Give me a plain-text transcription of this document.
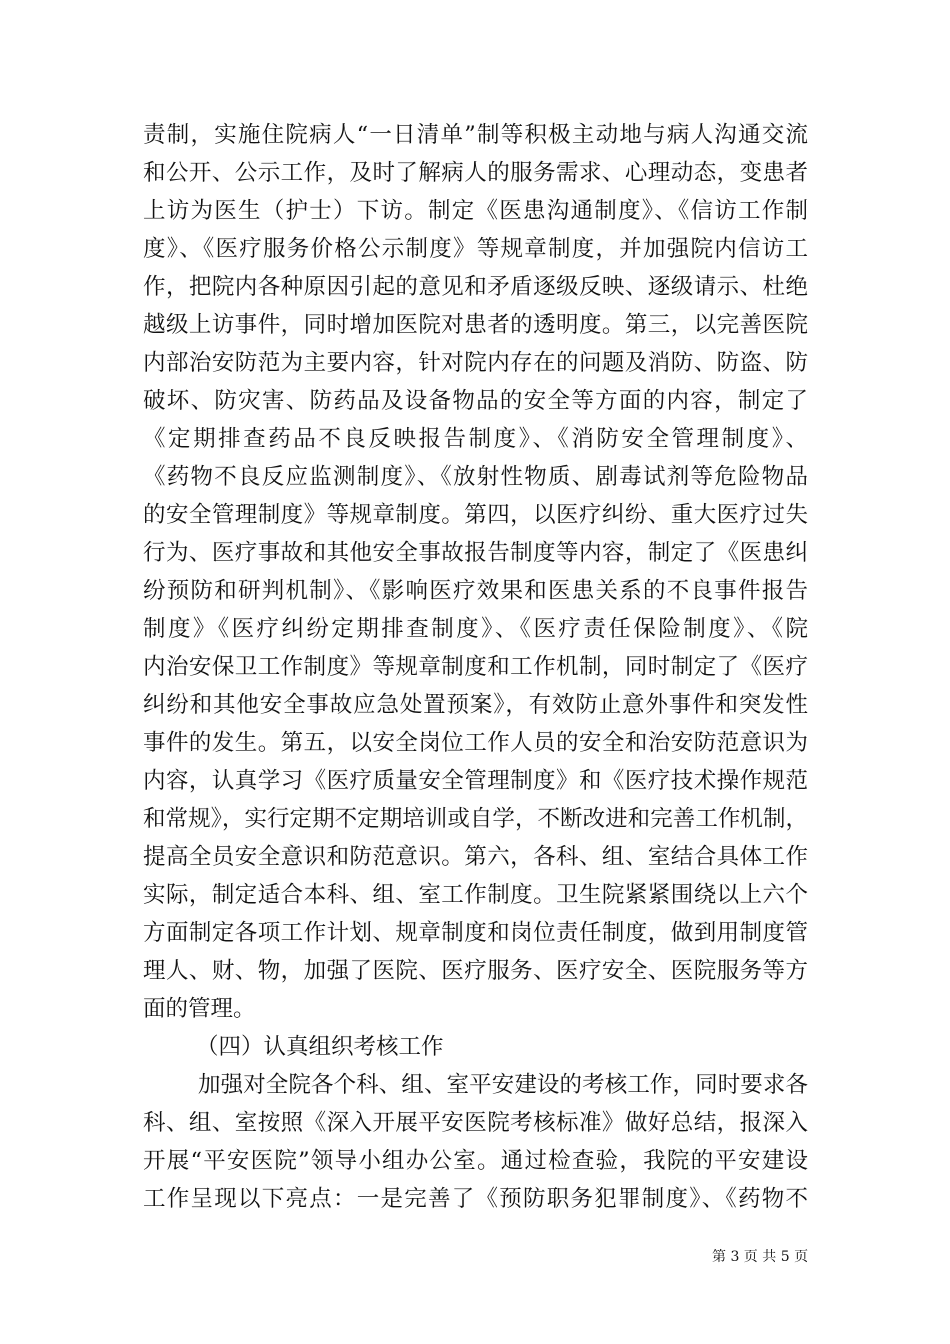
责制，实施住院病人“一日清单”制等积极主动地与病人沟通交流
和公开、公示工作，及时了解病人的服务需求、心理动态，变患者
上访为医生（护士）下访。制定《医患沟通制度》、《信访工作制
度》、《医疗服务价格公示制度》等规章制度，并加强院内信访工
作，把院内各种原因引起的意见和矛盾逐级反映、逐级请示、杜绝
越级上访事件，同时增加医院对患者的透明度。第三，以完善医院
内部治安防范为主要内容，针对院内存在的问题及消防、防盗、防
破坏、防灾害、防药品及设备物品的安全等方面的内容，制定了
《定期排查药品不良反映报告制度》、《消防安全管理制度》、
《药物不良反应监测制度》、《放射性物质、剧毒试剂等危险物品
的安全管理制度》等规章制度。第四，以医疗纠纷、重大医疗过失
行为、医疗事故和其他安全事故报告制度等内容，制定了《医患纠
纷预防和研判机制》、《影响医疗效果和医患关系的不良事件报告
制度》《医疗纠纷定期排查制度》、《医疗责任保险制度》、《院
内治安保卫工作制度》等规章制度和工作机制，同时制定了《医疗
纠纷和其他安全事故应急处置预案》，有效防止意外事件和突发性
事件的发生。第五，以安全岗位工作人员的安全和治安防范意识为
内容，认真学习《医疗质量安全管理制度》和《医疗技术操作规范
和常规》，实行定期不定期培训或自学，不断改进和完善工作机制，
提高全员安全意识和防范意识。第六，各科、组、室结合具体工作
实际，制定适合本科、组、室工作制度。卫生院紧紧围绕以上六个
方面制定各项工作计划、规章制度和岗位责任制度，做到用制度管
理人、财、物，加强了医院、医疗服务、医疗安全、医院服务等方
面的管理。
（四）认真组织考核工作
加强对全院各个科、组、室平安建设的考核工作，同时要求各
科、组、室按照《深入开展平安医院考核标准》做好总结，报深入
开展“平安医院”领导小组办公室。通过检查验，我院的平安建设
工作呈现以下亮点：一是完善了《预防职务犯罪制度》、《药物不
第 3 页 共 5 页
